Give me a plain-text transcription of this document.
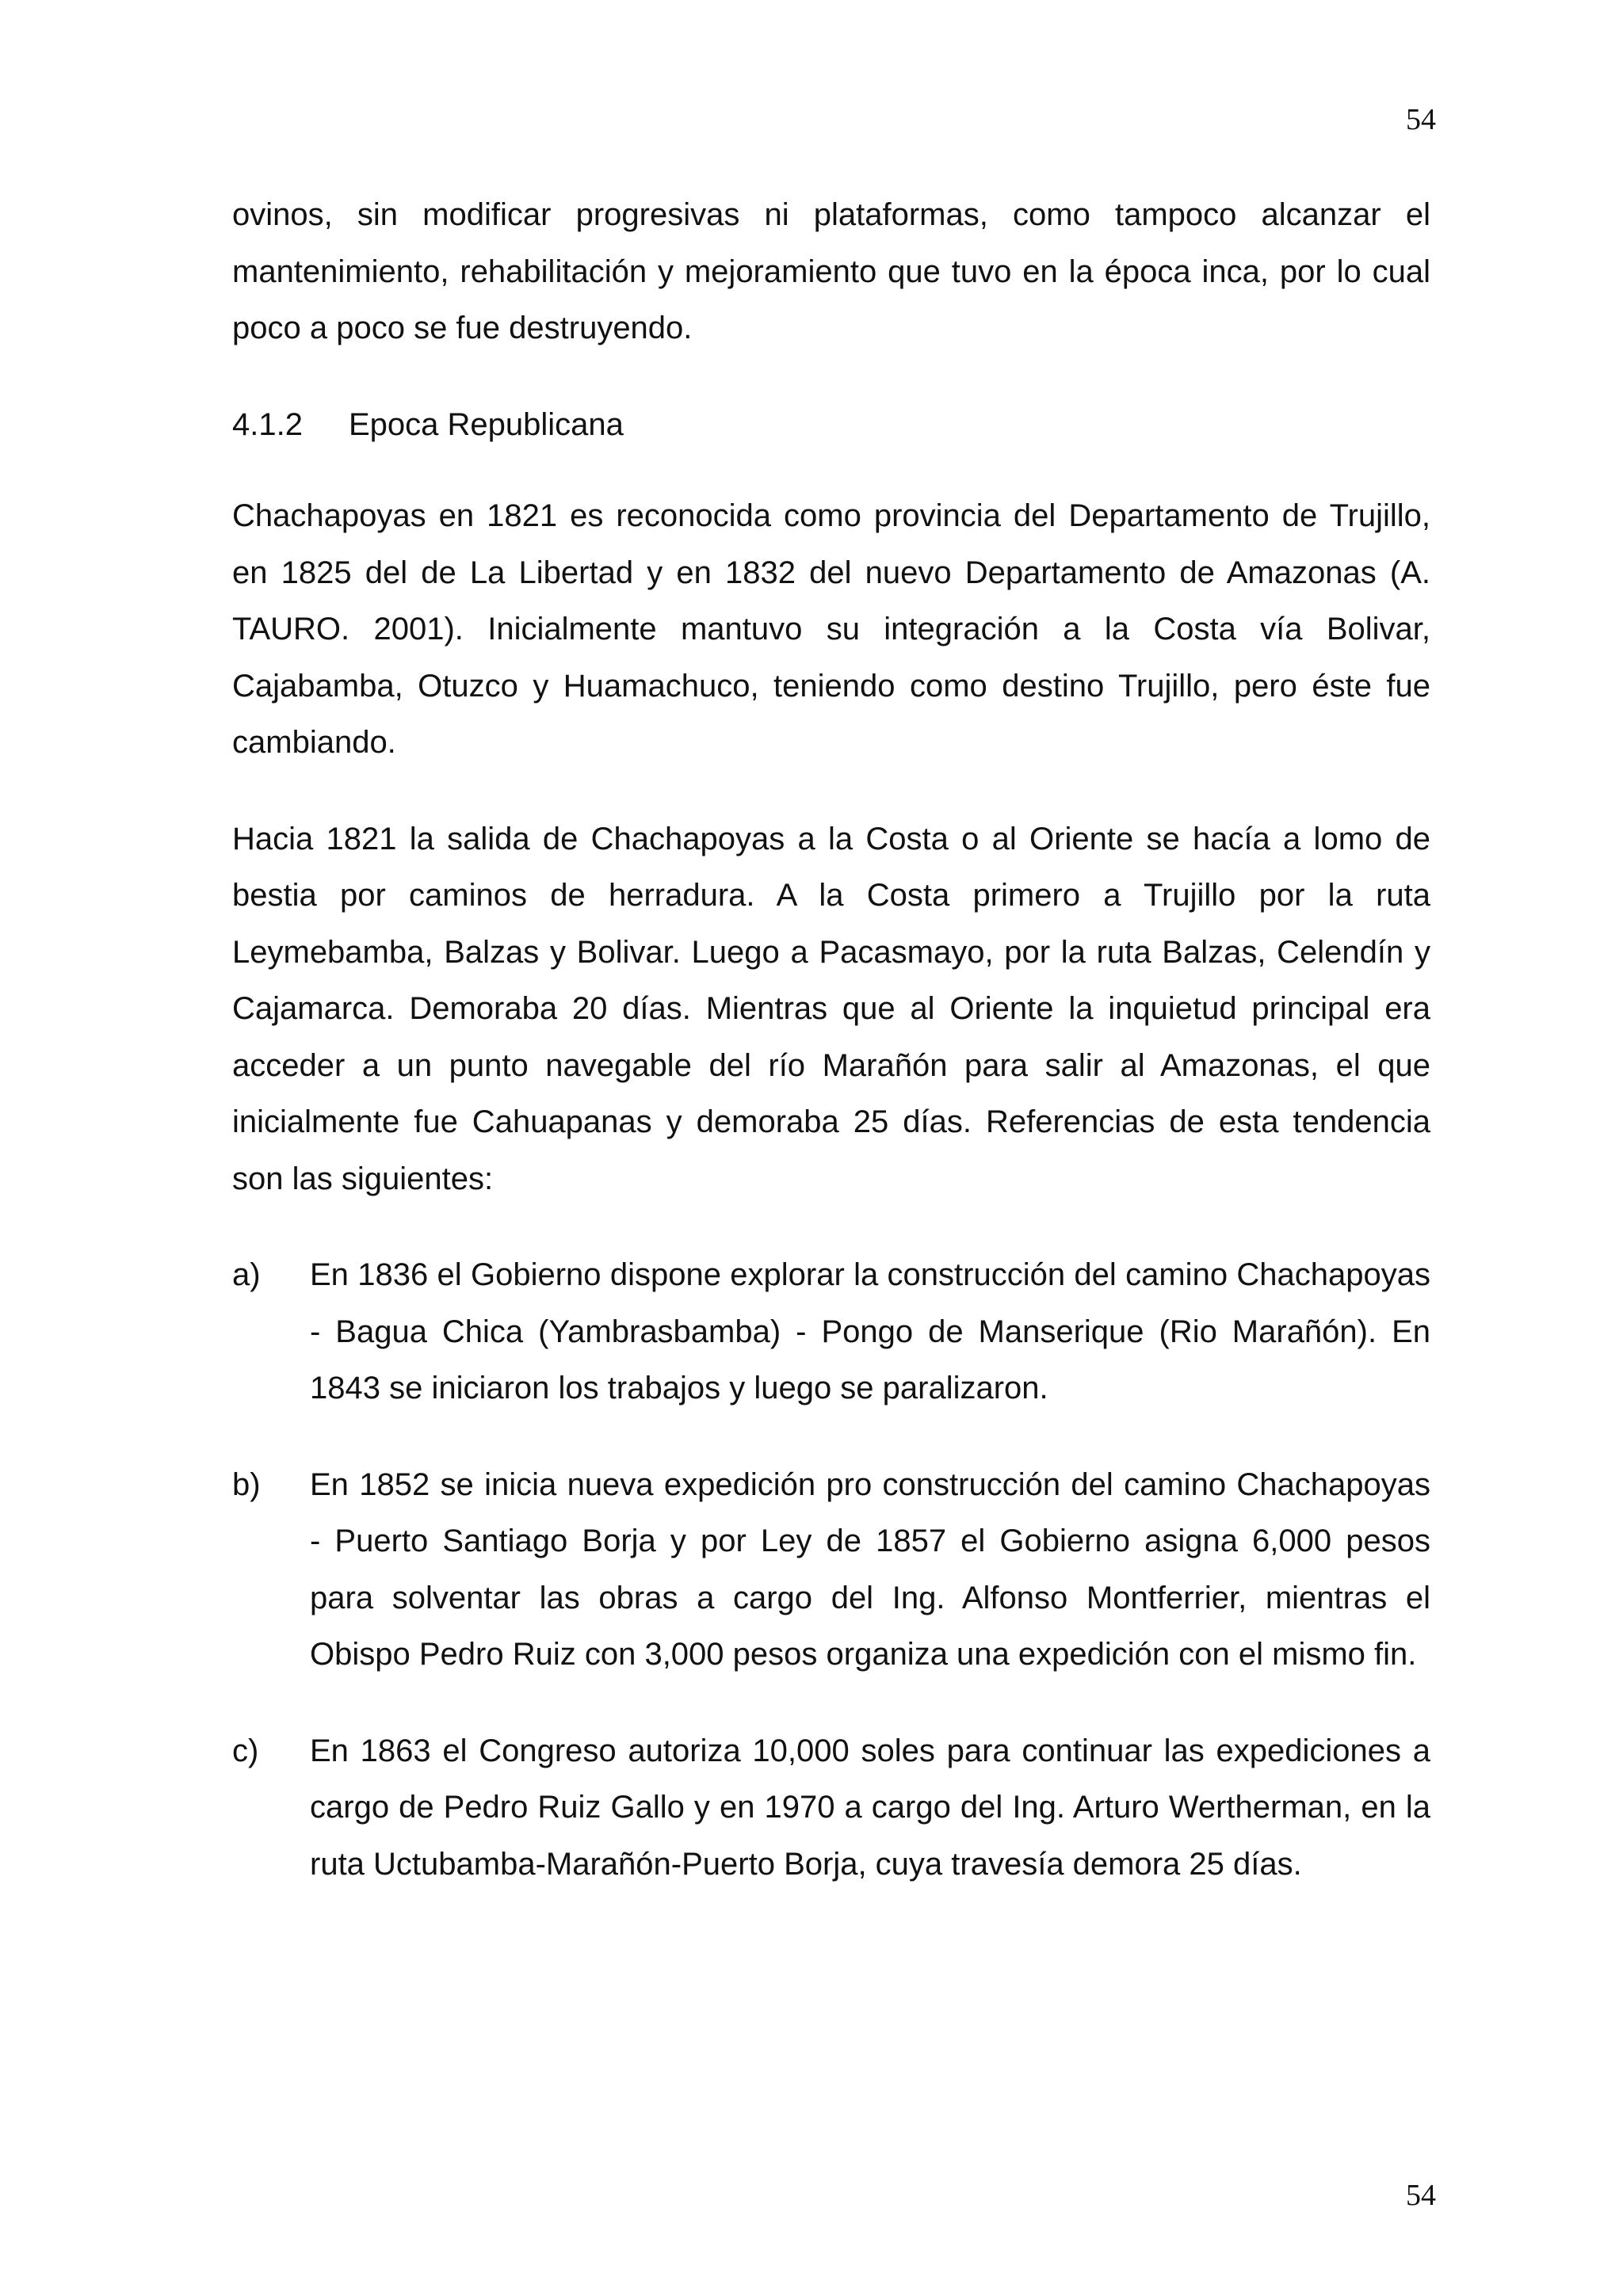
54

ovinos, sin modificar progresivas ni plataformas, como tampoco alcanzar el mantenimiento, rehabilitación y mejoramiento que tuvo en la época inca, por lo cual poco a poco se fue destruyendo.

4.1.2	Epoca Republicana

Chachapoyas en 1821 es reconocida como provincia del Departamento de Trujillo, en 1825 del de La Libertad y en 1832 del nuevo Departamento de Amazonas (A. TAURO. 2001). Inicialmente mantuvo su integración a la Costa vía Bolivar, Cajabamba, Otuzco y Huamachuco, teniendo como destino Trujillo, pero éste fue cambiando.

Hacia 1821 la salida de Chachapoyas a la Costa o al Oriente se hacía a lomo de bestia por caminos de herradura. A la Costa primero a Trujillo por la ruta Leymebamba, Balzas y Bolivar. Luego a Pacasmayo, por la ruta Balzas, Celendín y Cajamarca. Demoraba 20 días. Mientras que al Oriente la inquietud principal era acceder a un punto navegable del río Marañón para salir al Amazonas, el que inicialmente fue Cahuapanas y demoraba 25 días. Referencias de esta tendencia son las siguientes:

a)	En 1836 el Gobierno dispone explorar la construcción del camino Chachapoyas - Bagua Chica (Yambrasbamba) - Pongo de Manserique (Rio Marañón). En 1843 se iniciaron los trabajos y luego se paralizaron.
b)	En 1852 se inicia nueva expedición pro construcción del camino Chachapoyas - Puerto Santiago Borja y por Ley de 1857 el Gobierno asigna 6,000 pesos para solventar las obras a cargo del Ing. Alfonso Montferrier, mientras el Obispo Pedro Ruiz con 3,000 pesos organiza una expedición con el mismo fin.
c)	En 1863 el Congreso autoriza 10,000 soles para continuar las expediciones a cargo de Pedro Ruiz Gallo y en 1970 a cargo del Ing. Arturo Wertherman, en la ruta Uctubamba-Marañón-Puerto Borja, cuya travesía demora 25 días.
54
